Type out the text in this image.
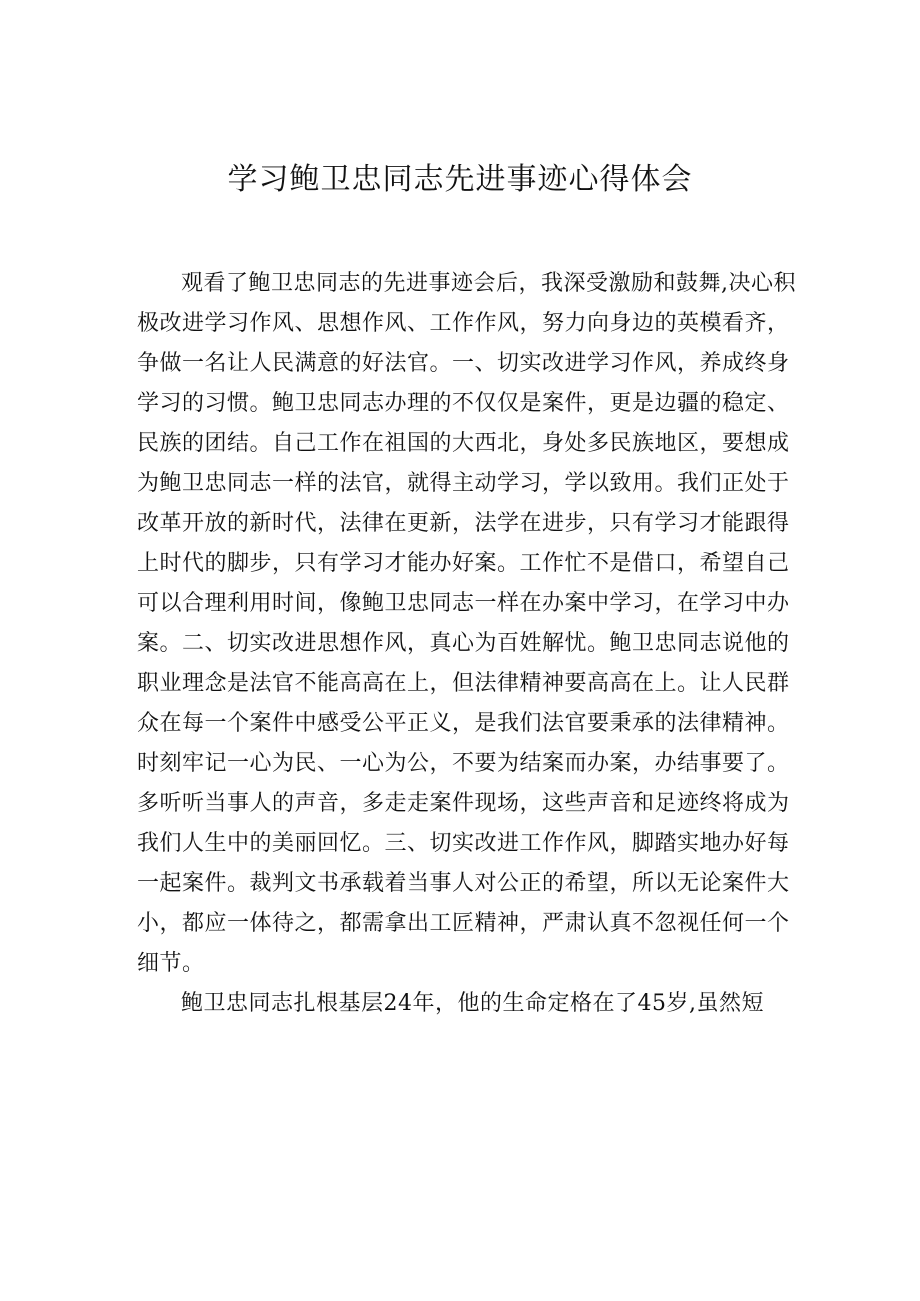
学习鲍卫忠同志先进事迹心得体会

观看了鲍卫忠同志的先进事迹会后，我深受激励和鼓舞,决心积极改进学习作风、思想作风、工作作风，努力向身边的英模看齐，争做一名让人民满意的好法官。一、切实改进学习作风，养成终身学习的习惯。鲍卫忠同志办理的不仅仅是案件，更是边疆的稳定、民族的团结。自己工作在祖国的大西北，身处多民族地区，要想成为鲍卫忠同志一样的法官，就得主动学习，学以致用。我们正处于改革开放的新时代，法律在更新，法学在进步，只有学习才能跟得上时代的脚步，只有学习才能办好案。工作忙不是借口，希望自己可以合理利用时间，像鲍卫忠同志一样在办案中学习，在学习中办案。二、切实改进思想作风，真心为百姓解忧。鲍卫忠同志说他的职业理念是法官不能高高在上，但法律精神要高高在上。让人民群众在每一个案件中感受公平正义，是我们法官要秉承的法律精神。时刻牢记一心为民、一心为公，不要为结案而办案，办结事要了。多听听当事人的声音，多走走案件现场，这些声音和足迹终将成为我们人生中的美丽回忆。三、切实改进工作作风，脚踏实地办好每一起案件。裁判文书承载着当事人对公正的希望，所以无论案件大小，都应一体待之，都需拿出工匠精神，严肃认真不忽视任何一个细节。

鲍卫忠同志扎根基层24年，他的生命定格在了45岁,虽然短
